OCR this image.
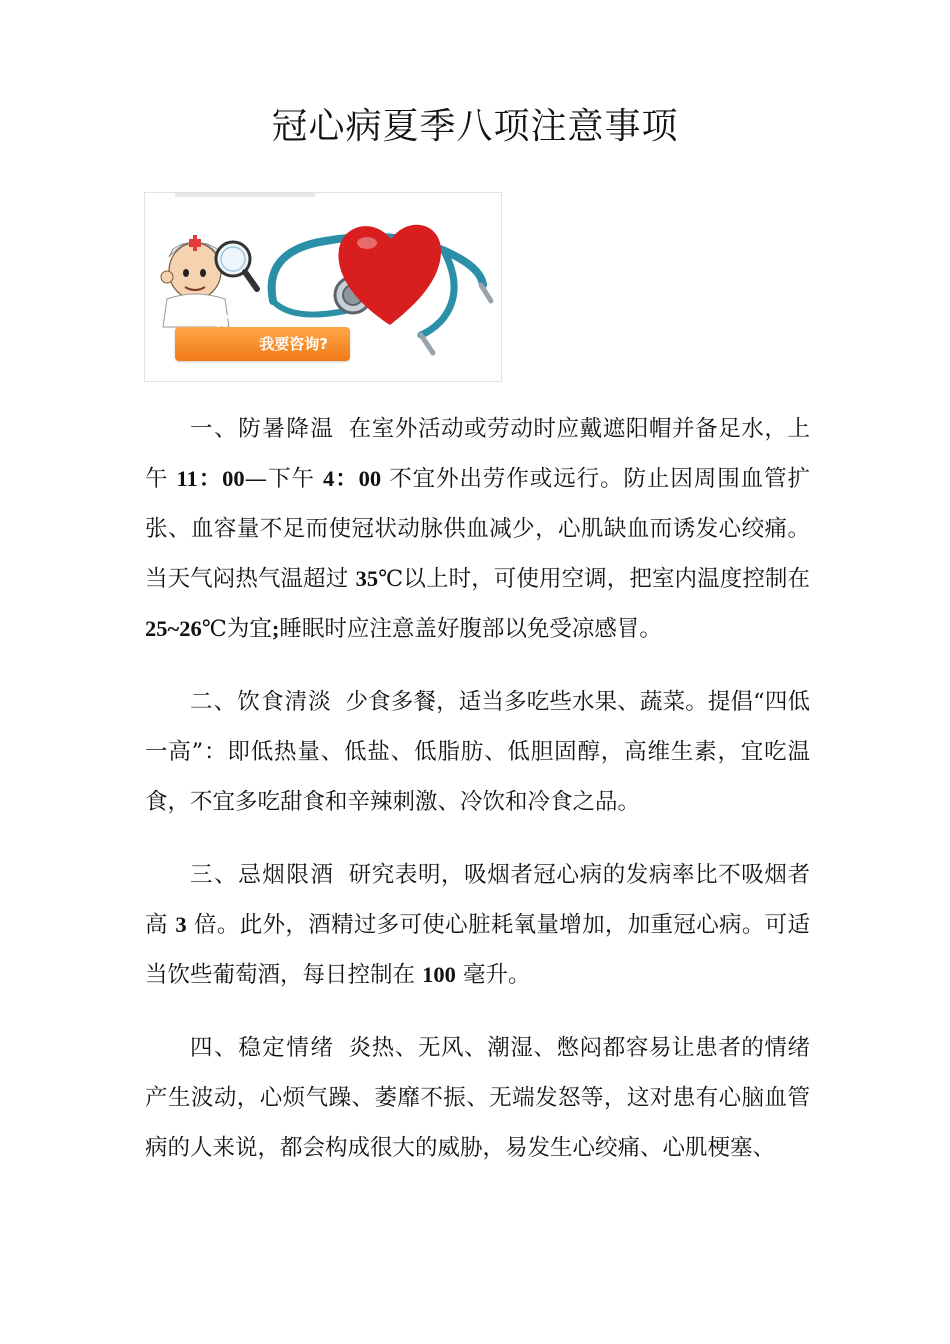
冠心病夏季八项注意事项
我要咨询?

一、防暑降温 在室外活动或劳动时应戴遮阳帽并备足水，上午 11：00—下午 4：00 不宜外出劳作或远行。防止因周围血管扩张、血容量不足而使冠状动脉供血减少，心肌缺血而诱发心绞痛。当天气闷热气温超过 35℃以上时，可使用空调，把室内温度控制在 25~26℃为宜;睡眠时应注意盖好腹部以免受凉感冒。

二、饮食清淡 少食多餐，适当多吃些水果、蔬菜。提倡“四低一高”：即低热量、低盐、低脂肪、低胆固醇，高维生素，宜吃温食，不宜多吃甜食和辛辣刺激、冷饮和冷食之品。

三、忌烟限酒 研究表明，吸烟者冠心病的发病率比不吸烟者高 3 倍。此外，酒精过多可使心脏耗氧量增加，加重冠心病。可适当饮些葡萄酒，每日控制在 100 毫升。

四、稳定情绪 炎热、无风、潮湿、憋闷都容易让患者的情绪产生波动，心烦气躁、萎靡不振、无端发怒等，这对患有心脑血管病的人来说，都会构成很大的威胁，易发生心绞痛、心肌梗塞、
